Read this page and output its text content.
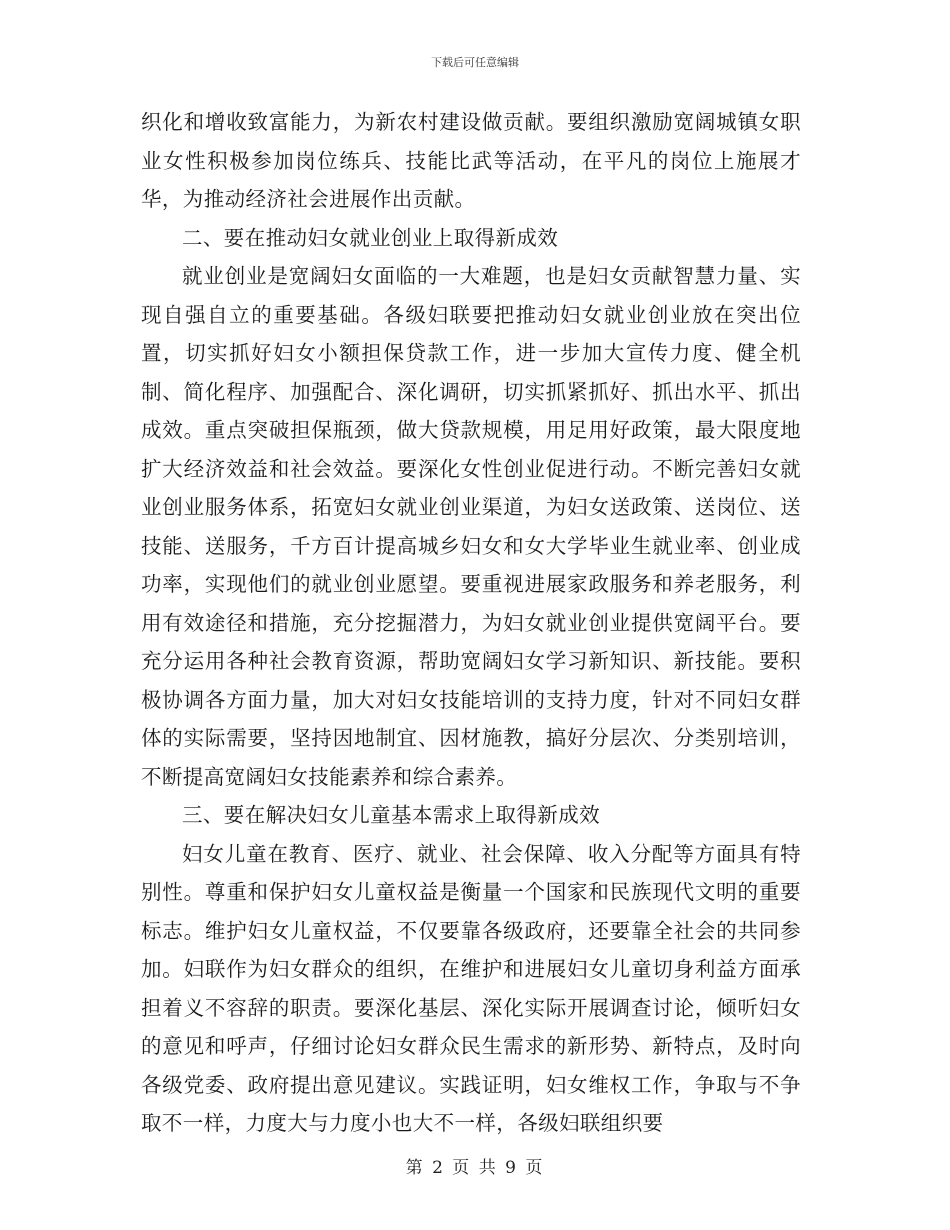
下载后可任意编辑

织化和增收致富能力，为新农村建设做贡献。要组织激励宽阔城镇女职业女性积极参加岗位练兵、技能比武等活动，在平凡的岗位上施展才华，为推动经济社会进展作出贡献。

二、要在推动妇女就业创业上取得新成效

就业创业是宽阔妇女面临的一大难题，也是妇女贡献智慧力量、实现自强自立的重要基础。各级妇联要把推动妇女就业创业放在突出位置，切实抓好妇女小额担保贷款工作，进一步加大宣传力度、健全机制、简化程序、加强配合、深化调研，切实抓紧抓好、抓出水平、抓出成效。重点突破担保瓶颈，做大贷款规模，用足用好政策，最大限度地扩大经济效益和社会效益。要深化女性创业促进行动。不断完善妇女就业创业服务体系，拓宽妇女就业创业渠道，为妇女送政策、送岗位、送技能、送服务，千方百计提高城乡妇女和女大学毕业生就业率、创业成功率，实现他们的就业创业愿望。要重视进展家政服务和养老服务，利用有效途径和措施，充分挖掘潜力，为妇女就业创业提供宽阔平台。要充分运用各种社会教育资源，帮助宽阔妇女学习新知识、新技能。要积极协调各方面力量，加大对妇女技能培训的支持力度，针对不同妇女群体的实际需要，坚持因地制宜、因材施教，搞好分层次、分类别培训，不断提高宽阔妇女技能素养和综合素养。

三、要在解决妇女儿童基本需求上取得新成效

妇女儿童在教育、医疗、就业、社会保障、收入分配等方面具有特别性。尊重和保护妇女儿童权益是衡量一个国家和民族现代文明的重要标志。维护妇女儿童权益，不仅要靠各级政府，还要靠全社会的共同参加。妇联作为妇女群众的组织，在维护和进展妇女儿童切身利益方面承担着义不容辞的职责。要深化基层、深化实际开展调查讨论，倾听妇女的意见和呼声，仔细讨论妇女群众民生需求的新形势、新特点，及时向各级党委、政府提出意见建议。实践证明，妇女维权工作，争取与不争取不一样，力度大与力度小也大不一样，各级妇联组织要

第 2 页 共 9 页
